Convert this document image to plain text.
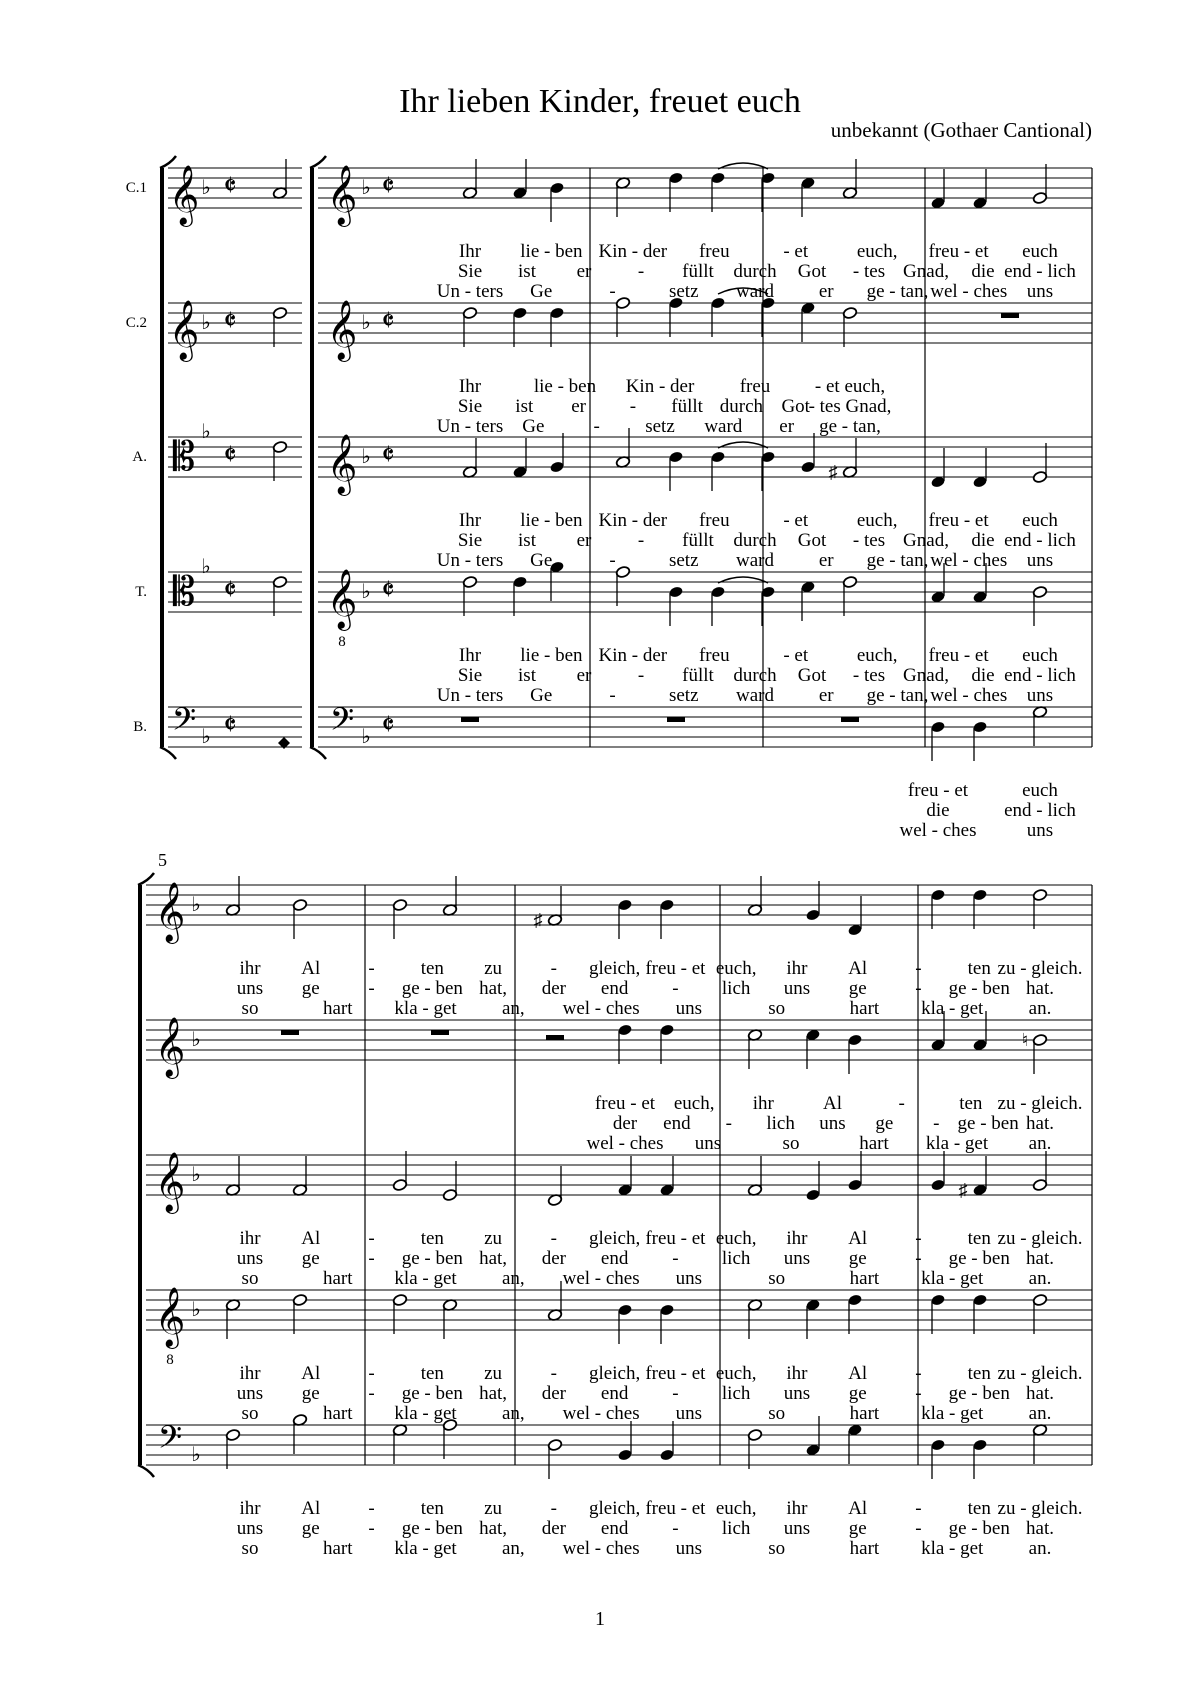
Ihr lieben Kinder, freuet euch
unbekannt (Gothaer Cantional)
5
1
C.1
C.2
A.
T.
B.
𝄞 ♭ 𝄵
𝄞 ♭ 𝄵
𝄡
♭
𝄵
𝄡
♭
𝄵
𝄢 ♭ 𝄵
𝄞 ♭ 𝄵
𝄞 ♭ 𝄵
𝄞 ♭ 𝄵
𝄞 ♭ 𝄵
8
𝄢 ♭ 𝄵
♯
Ihr lie - ben Kin - der freu	- et	euch, freu - et euch
Sie ist er - füllt durch Got - tes Gnad, die end - lich
Un - ters Ge	-	setz ward er ge - tan, wel - ches uns
Ihr	lie - ben Kin - der freu - et euch,
Sie ist er - füllt durch Got
- tes Gnad,
Un - ters Ge	- setz ward er ge - tan,
Ihr lie - ben Kin - der freu	- et	euch, freu - et euch
Sie ist er - füllt durch Got - tes Gnad, die end - lich
Un - ters Ge	-	setz ward er ge - tan, wel - ches uns
Ihr lie - ben Kin - der freu	- et	euch, freu - et euch
Sie ist er - füllt durch Got - tes Gnad, die end - lich
Un - ters Ge	-	setz ward er ge - tan, wel - ches uns
freu - et	euch
die	end - lich
wel - ches	uns
𝄞 ♭
𝄞 ♭
𝄞 ♭
𝄞 ♭
8
𝄢 ♭
♯
♮
♯
ihr Al	- ten zu	- gleich, freu - et euch, ihr Al	- ten zu - gleich.
uns ge	- ge - ben hat, der end - lich uns ge	- ge - ben hat.
so	hart kla - get an, wel - ches uns	so	hart kla - get an.
freu - et euch, ihr	Al	-	ten zu - gleich.
der end - lich uns ge - ge - ben hat.
wel - ches uns	so	hart kla - get an.
ihr Al	- ten zu	- gleich, freu - et euch, ihr Al	- ten zu - gleich.
uns ge	- ge - ben hat, der end - lich uns ge	- ge - ben hat.
so	hart kla - get an, wel - ches uns	so	hart kla - get an.
ihr Al	- ten zu	- gleich, freu - et euch, ihr Al	- ten zu - gleich.
uns ge	- ge - ben hat, der end - lich uns ge	- ge - ben hat.
so	hart kla - get an, wel - ches uns	so	hart kla - get an.
ihr Al	- ten zu	- gleich, freu - et euch, ihr Al	- ten zu - gleich.
uns ge	- ge - ben hat, der end - lich uns ge	- ge - ben hat.
so	hart kla - get an, wel - ches uns	so	hart kla - get an.
